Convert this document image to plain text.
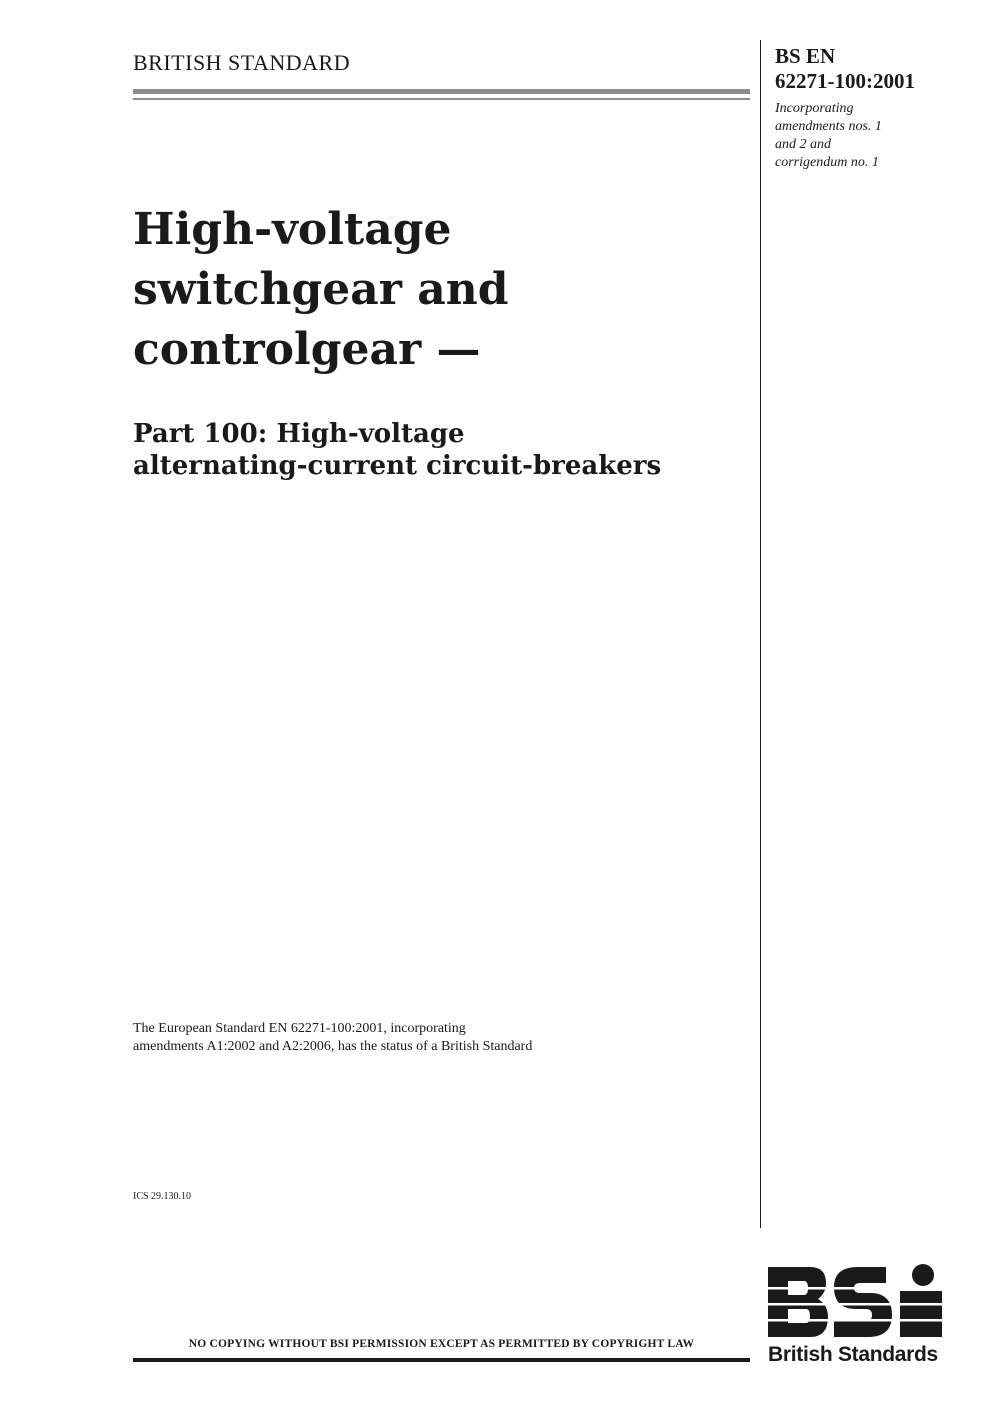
BRITISH STANDARD	BS EN
62271-100:2001
Incorporating
amendments nos. 1
and 2 and
corrigendum no. 1
High-voltage
switchgear and
controlgear —
Part 100: High-voltage
alternating-current circuit-breakers
The European Standard EN 62271-100:2001, incorporating
amendments A1:2002 and A2:2006, has the status of a British Standard
ICS 29.130.10
British Standards
NO COPYING WITHOUT BSI PERMISSION EXCEPT AS PERMITTED BY COPYRIGHT LAW
